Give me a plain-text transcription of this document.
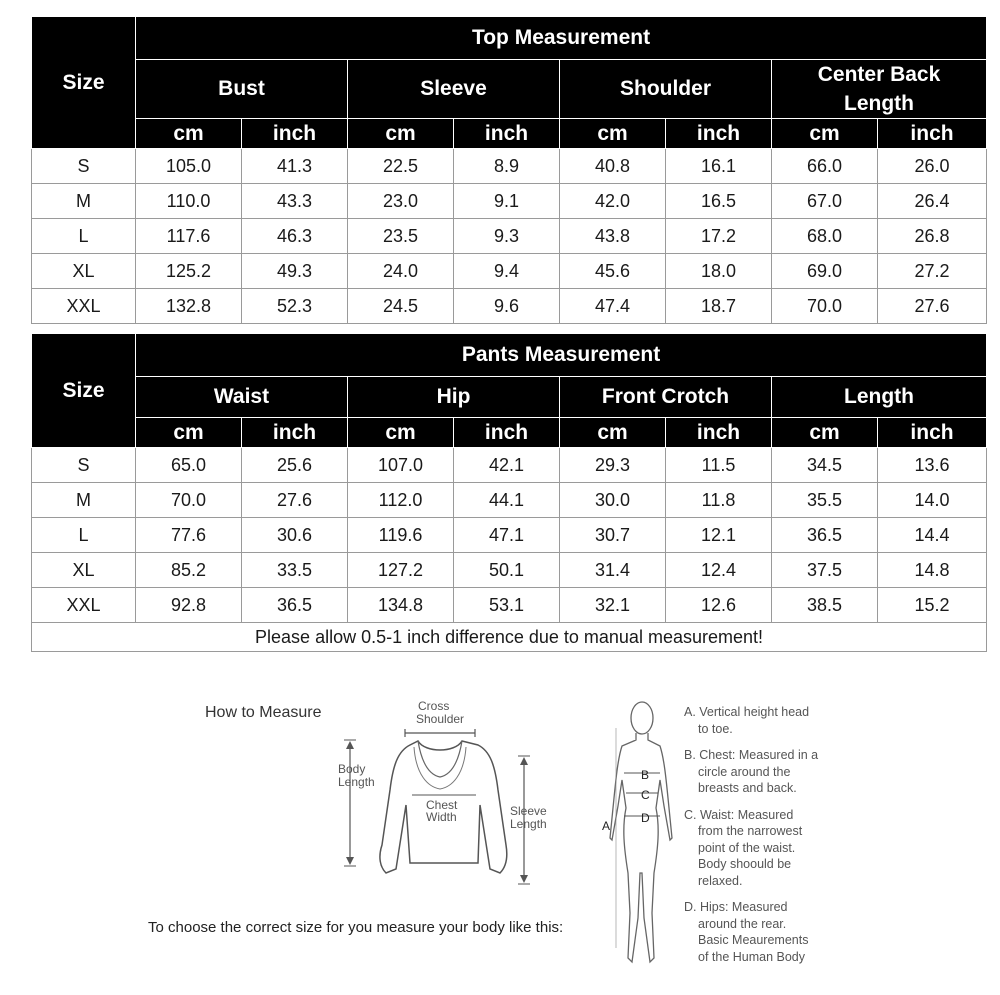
Size	Top Measurement							
	Bust		Sleeve		Shoulder		Center Back
Length	
	cm	inch	cm	inch	cm	inch	cm	inch
S	105.0	41.3	22.5	8.9	40.8	16.1	66.0	26.0
M	110.0	43.3	23.0	9.1	42.0	16.5	67.0	26.4
L	117.6	46.3	23.5	9.3	43.8	17.2	68.0	26.8
XL	125.2	49.3	24.0	9.4	45.6	18.0	69.0	27.2
XXL	132.8	52.3	24.5	9.6	47.4	18.7	70.0	27.6
Size	Pants Measurement							
	Waist		Hip		Front Crotch		Length	
	cm	inch	cm	inch	cm	inch	cm	inch
S	65.0	25.6	107.0	42.1	29.3	11.5	34.5	13.6
M	70.0	27.6	112.0	44.1	30.0	11.8	35.5	14.0
L	77.6	30.6	119.6	47.1	30.7	12.1	36.5	14.4
XL	85.2	33.5	127.2	50.1	31.4	12.4	37.5	14.8
XXL	92.8	36.5	134.8	53.1	32.1	12.6	38.5	15.2
Please allow 0.5-1 inch difference due to manual measurement!								
How to Measure	Cross
Shoulder
Body
Length
Chest
Width	Sleeve
Length
B
C
D
A
A. Vertical height head
to toe.
B. Chest: Measured in a
circle around the
breasts and back.
C. Waist: Measured
from the narrowest
point of the waist.
Body shoould be
relaxed.
D. Hips: Measured
around the rear.
Basic Meaurements
of the Human Body
To choose the correct size for you measure your body like this:
